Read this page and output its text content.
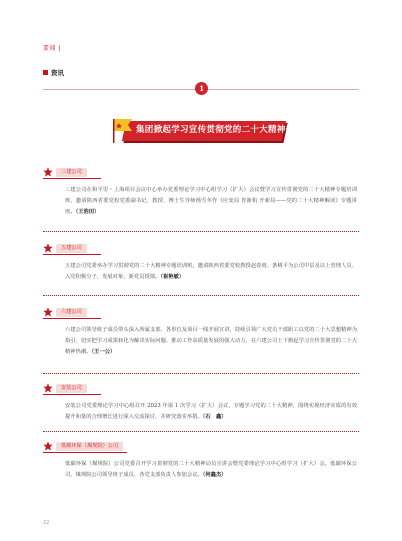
要闻 |
资讯
1
集团掀起学习宣传贯彻党的二十大精神热潮
三建公司
三建公司在和平里・上海项目会议中心举办党委理论学习中心组学习（扩大）会议暨学习宣传贯彻党的二十大精神专题培训班，邀请陕西省委党校党委副书记、教授、博士生导师杨雪冬作《应变局 育新机 开新局——党的二十大精神解读》专题讲座。（王浩田）
五建公司
五建公司党委举办学习贯彻党的二十大精神专题培训班，邀请陕西省委党校教授赵春雨、条桃平为公司中层及以上管理人员、入党积极分子、发展对象、新党员授课。（崔艳敏）
六建公司
六建公司领导班子成员带头深入所属支部、各单位及项目一线开展宣讲，持续引领广大党员干部职工以党的二十大思想精神为指引，切实把学习成果转化为解决实际问题、推动工作高质量发展的强大动力，在六建公司上下掀起学习宣传贯彻党的二十大精神热潮。（王一公）
安装公司
安装公司党委理论学习中心组召开 2023 年第 1 次学习（扩大）会议，专题学习党的二十大精神，围绕实现经济实质的有效提升和量的合理增长进行深入交流探讨，并研究落实举措。（石　鑫）
低碳环保（煤规院）公司
低碳环保（煤规院）公司党委召开学习贯彻党的二十大精神动员宣讲会暨党委理论学习中心组学习（扩大）会。低碳环保公司、煤规院公司领导班子成员、各党支部负责人参加会议。（何鑫杰）
22
